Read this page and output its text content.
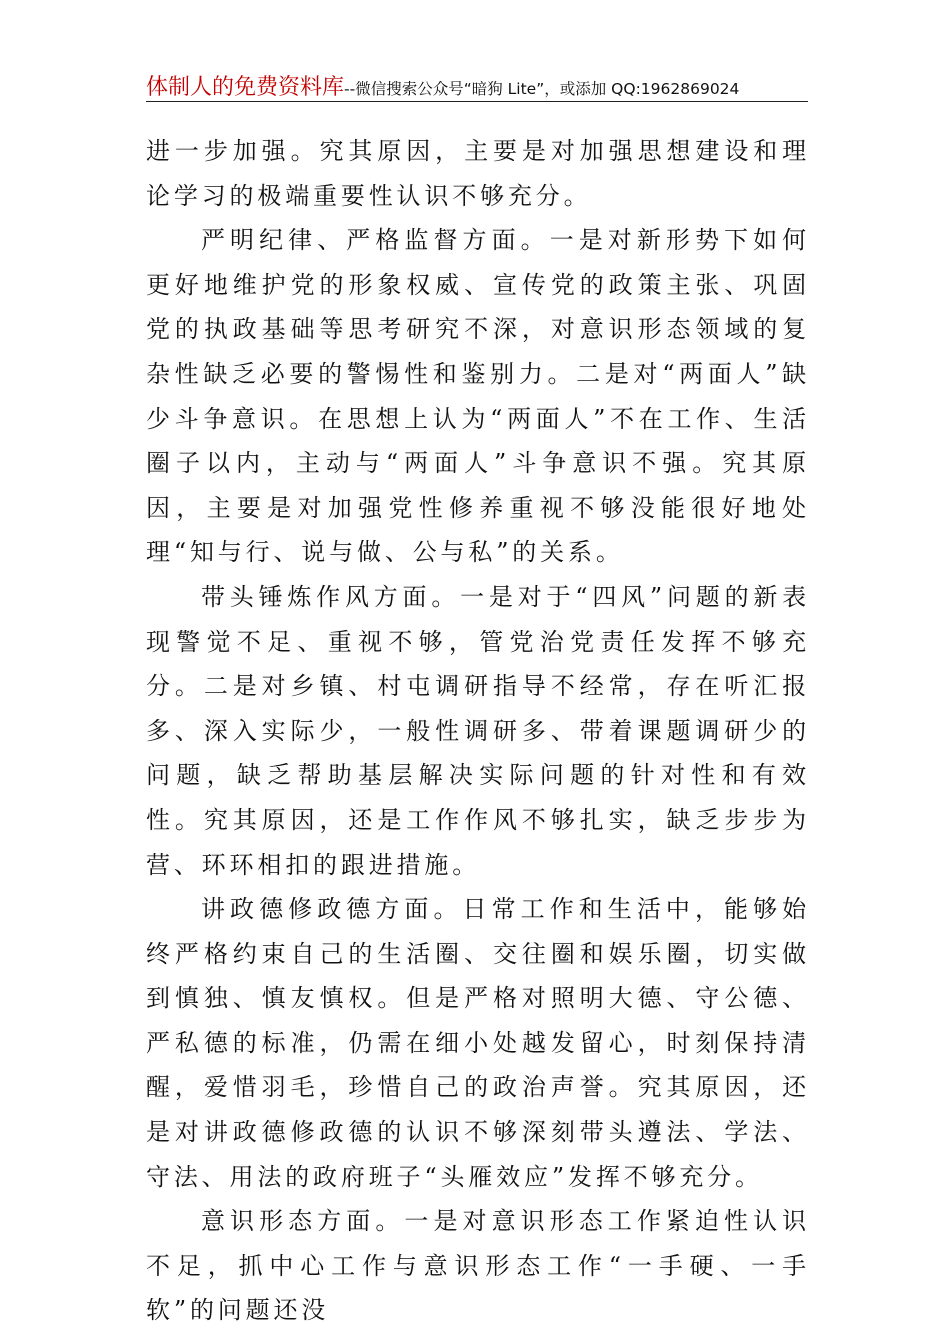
体制人的免费资料库--微信搜索公众号“暗狗 Lite”，或添加 QQ:1962869024

进一步加强。究其原因，主要是对加强思想建设和理论学习的极端重要性认识不够充分。

严明纪律、严格监督方面。一是对新形势下如何更好地维护党的形象权威、宣传党的政策主张、巩固党的执政基础等思考研究不深，对意识形态领域的复杂性缺乏必要的警惕性和鉴别力。二是对“两面人”缺少斗争意识。在思想上认为“两面人”不在工作、生活圈子以内，主动与“两面人”斗争意识不强。究其原因，主要是对加强党性修养重视不够没能很好地处理“知与行、说与做、公与私”的关系。

带头锤炼作风方面。一是对于“四风”问题的新表现警觉不足、重视不够，管党治党责任发挥不够充分。二是对乡镇、村屯调研指导不经常，存在听汇报多、深入实际少，一般性调研多、带着课题调研少的问题，缺乏帮助基层解决实际问题的针对性和有效性。究其原因，还是工作作风不够扎实，缺乏步步为营、环环相扣的跟进措施。

讲政德修政德方面。日常工作和生活中，能够始终严格约束自己的生活圈、交往圈和娱乐圈，切实做到慎独、慎友慎权。但是严格对照明大德、守公德、严私德的标准，仍需在细小处越发留心，时刻保持清醒，爱惜羽毛，珍惜自己的政治声誉。究其原因，还是对讲政德修政德的认识不够深刻带头遵法、学法、守法、用法的政府班子“头雁效应”发挥不够充分。

意识形态方面。一是对意识形态工作紧迫性认识不足，抓中心工作与意识形态工作“一手硬、一手软”的问题还没
